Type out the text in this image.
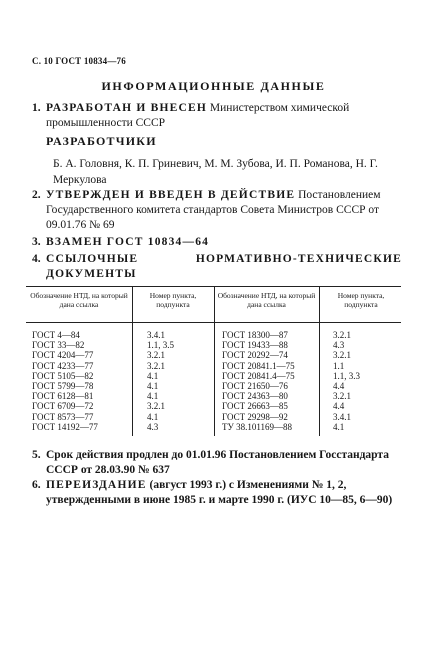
С. 10 ГОСТ 10834—76
ИНФОРМАЦИОННЫЕ ДАННЫЕ
1. РАЗРАБОТАН И ВНЕСЕН Министерством химической промышленности СССР
РАЗРАБОТЧИКИ
Б. А. Головня, К. П. Гриневич, М. М. Зубова, И. П. Романова, Н. Г. Меркулова
2. УТВЕРЖДЕН И ВВЕДЕН В ДЕЙСТВИЕ Постановлением Государственного комитета стандартов Совета Министров СССР от 09.01.76 № 69
3. ВЗАМЕН ГОСТ 10834—64
4. ССЫЛОЧНЫЕ НОРМАТИВНО-ТЕХНИЧЕСКИЕ ДОКУМЕНТЫ
Обозначение НТД, на который дана ссылка
Номер пункта, подпункта
Обозначение НТД, на который дана ссылка
Номер пункта, подпункта
ГОСТ 4—84
ГОСТ 33—82
ГОСТ 4204—77
ГОСТ 4233—77
ГОСТ 5105—82
ГОСТ 5799—78
ГОСТ 6128—81
ГОСТ 6709—72
ГОСТ 8573—77
ГОСТ 14192—77
3.4.1
1.1, 3.5
3.2.1
3.2.1
4.1
4.1
4.1
3.2.1
4.1
4.3
ГОСТ 18300—87
ГОСТ 19433—88
ГОСТ 20292—74
ГОСТ 20841.1—75
ГОСТ 20841.4—75
ГОСТ 21650—76
ГОСТ 24363—80
ГОСТ 26663—85
ГОСТ 29298—92
ТУ 38.101169—88
3.2.1
4.3
3.2.1
1.1
1.1, 3.3
4.4
3.2.1
4.4
3.4.1
4.1
5. Срок действия продлен до 01.01.96 Постановлением Госстандарта СССР от 28.03.90 № 637
6. ПЕРЕИЗДАНИЕ (август 1993 г.) с Изменениями № 1, 2, утвержденными в июне 1985 г. и марте 1990 г. (ИУС 10—85, 6—90)
